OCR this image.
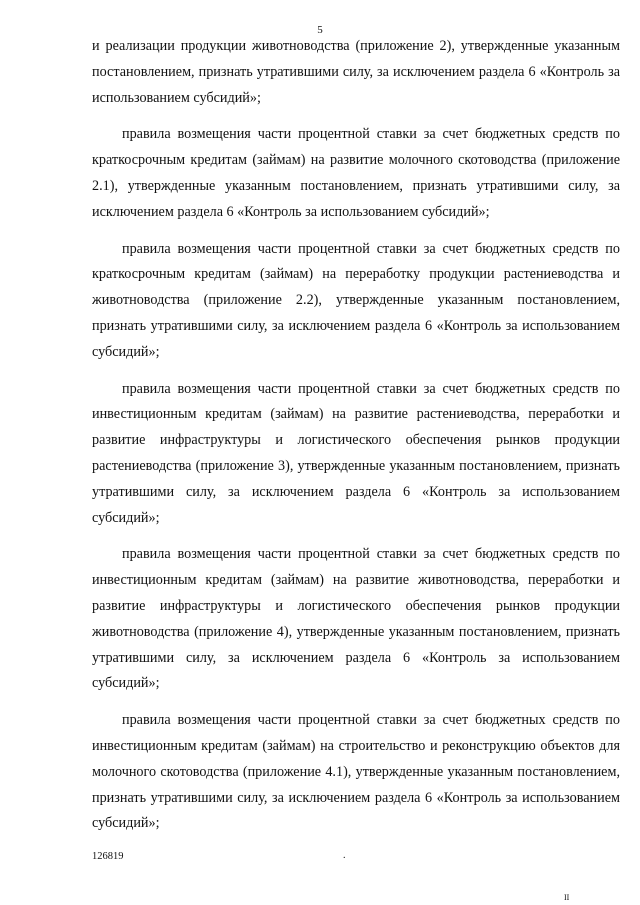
5

и реализации продукции животноводства (приложение 2), утвержденные указанным постановлением, признать утратившими силу, за исключением раздела 6 «Контроль за использованием субсидий»;

правила возмещения части процентной ставки за счет бюджетных средств по краткосрочным кредитам (займам) на развитие молочного скотоводства (приложение 2.1), утвержденные указанным постановлением, признать утратившими силу, за исключением раздела 6 «Контроль за использованием субсидий»;

правила возмещения части процентной ставки за счет бюджетных средств по краткосрочным кредитам (займам) на переработку продукции растениеводства и животноводства (приложение 2.2), утвержденные указанным постановлением, признать утратившими силу, за исключением раздела 6 «Контроль за использованием субсидий»;

правила возмещения части процентной ставки за счет бюджетных средств по инвестиционным кредитам (займам) на развитие растениеводства, переработки и развитие инфраструктуры и логистического обеспечения рынков продукции растениеводства (приложение 3), утвержденные указанным постановлением, признать утратившими силу, за исключением раздела 6 «Контроль за использованием субсидий»;

правила возмещения части процентной ставки за счет бюджетных средств по инвестиционным кредитам (займам) на развитие животноводства, переработки и развитие инфраструктуры и логистического обеспечения рынков продукции животноводства (приложение 4), утвержденные указанным постановлением, признать утратившими силу, за исключением раздела 6 «Контроль за использованием субсидий»;

правила возмещения части процентной ставки за счет бюджетных средств по инвестиционным кредитам (займам) на строительство и реконструкцию объектов для молочного скотоводства (приложение 4.1), утвержденные указанным постановлением, признать утратившими силу, за исключением раздела 6 «Контроль за использованием субсидий»;

126819	.
II
